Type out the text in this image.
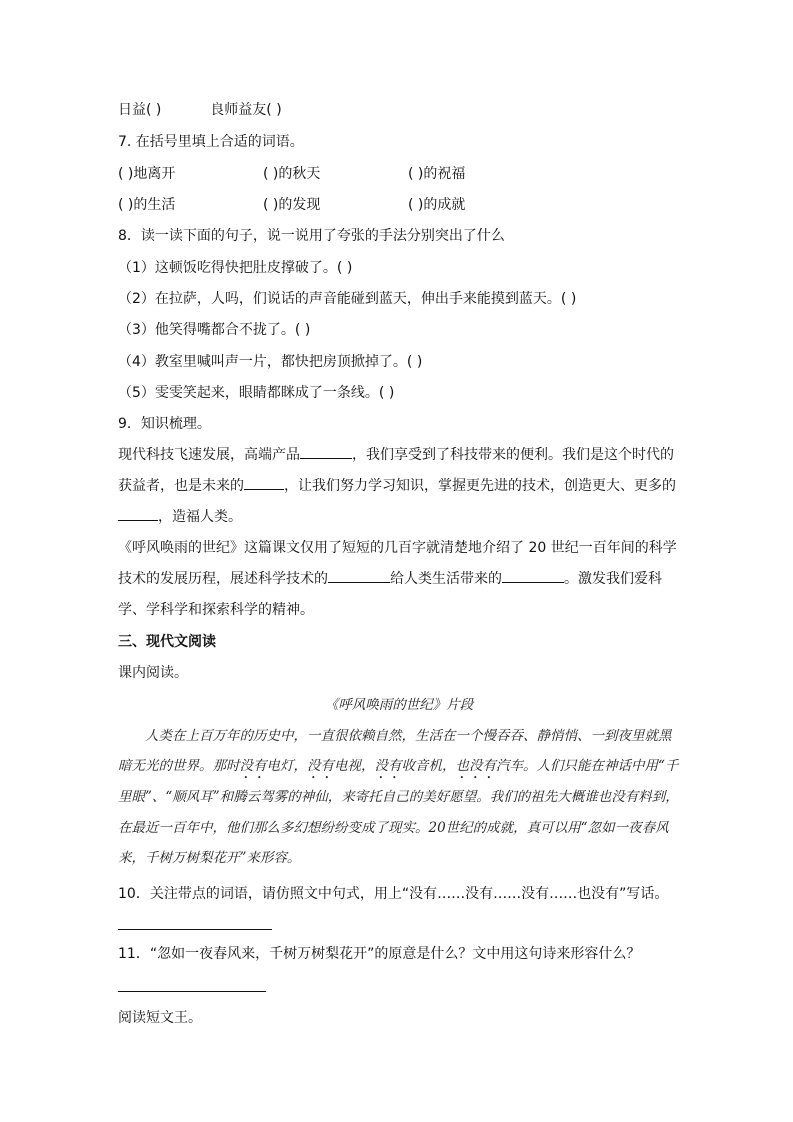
日益( )	良师益友( )
7. 在括号里填上合适的词语。
( )地离开	( )的秋天	( )的祝福
( )的生活	( )的发现	( )的成就
8．读一读下面的句子，说一说用了夸张的手法分别突出了什么
（1）这顿饭吃得快把肚皮撑破了。( )
（2）在拉萨，人吗，们说话的声音能碰到蓝天，伸出手来能摸到蓝天。( )
（3）他笑得嘴都合不拢了。( )
（4）教室里喊叫声一片，都快把房顶掀掉了。( )
（5）雯雯笑起来，眼睛都眯成了一条线。( )
9．知识梳理。
现代科技飞速发展，高端产品	，我们享受到了科技带来的便利。我们是这个时代的获益者，也是未来的	，让我们努力学习知识，掌握更先进的技术，创造更大、更多的，造福人类。
《呼风唤雨的世纪》这篇课文仅用了短短的几百字就清楚地介绍了 20 世纪一百年间的科学技术的发展历程，展述科学技术的	给人类生活带来的	。激发我们爱科学、学科学和探索科学的精神。
三、现代文阅读
课内阅读。
《呼风唤雨的世纪》片段

人类在上百万年的历史中，一直很依赖自然，生活在一个慢吞吞、静悄悄、一到夜里就黑暗无光的世界。那时没有电灯，没有电视，没有收音机，也没有汽车。人们只能在神话中用“千里眼”、“顺风耳”和腾云驾雾的神仙，来寄托自己的美好愿望。我们的祖先大概谁也没有料到，在最近一百年中，他们那么多幻想纷纷变成了现实。20世纪的成就，真可以用“忽如一夜春风来，千树万树梨花开”来形容。

10．关注带点的词语，请仿照文中句式，用上“没有……没有……没有……也没有”写话。
11．“忽如一夜春风来，千树万树梨花开”的原意是什么？文中用这句诗来形容什么？
阅读短文王。
